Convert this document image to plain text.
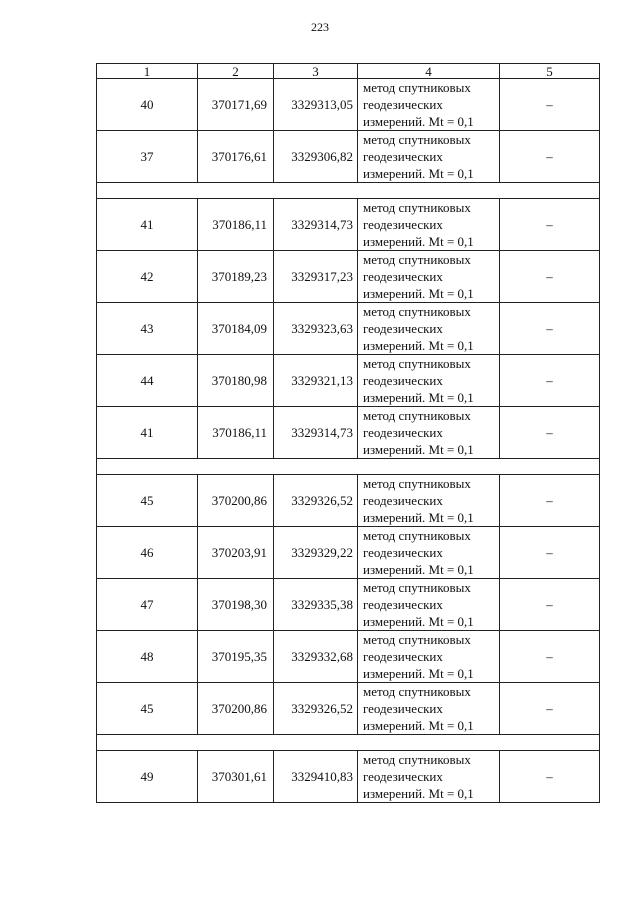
223
1	2	3	4	5
40	370171,69	3329313,05	метод спутниковых
геодезических
измерений. Mt = 0,1	–
37	370176,61	3329306,82	метод спутниковых
геодезических
измерений. Mt = 0,1	–

41	370186,11	3329314,73	метод спутниковых
геодезических
измерений. Mt = 0,1	–
42	370189,23	3329317,23	метод спутниковых
геодезических
измерений. Mt = 0,1	–
43	370184,09	3329323,63	метод спутниковых
геодезических
измерений. Mt = 0,1	–
44	370180,98	3329321,13	метод спутниковых
геодезических
измерений. Mt = 0,1	–
41	370186,11	3329314,73	метод спутниковых
геодезических
измерений. Mt = 0,1	–

45	370200,86	3329326,52	метод спутниковых
геодезических
измерений. Mt = 0,1	–
46	370203,91	3329329,22	метод спутниковых
геодезических
измерений. Mt = 0,1	–
47	370198,30	3329335,38	метод спутниковых
геодезических
измерений. Mt = 0,1	–
48	370195,35	3329332,68	метод спутниковых
геодезических
измерений. Mt = 0,1	–
45	370200,86	3329326,52	метод спутниковых
геодезических
измерений. Mt = 0,1	–

49	370301,61	3329410,83	метод спутниковых
геодезических
измерений. Mt = 0,1	–
